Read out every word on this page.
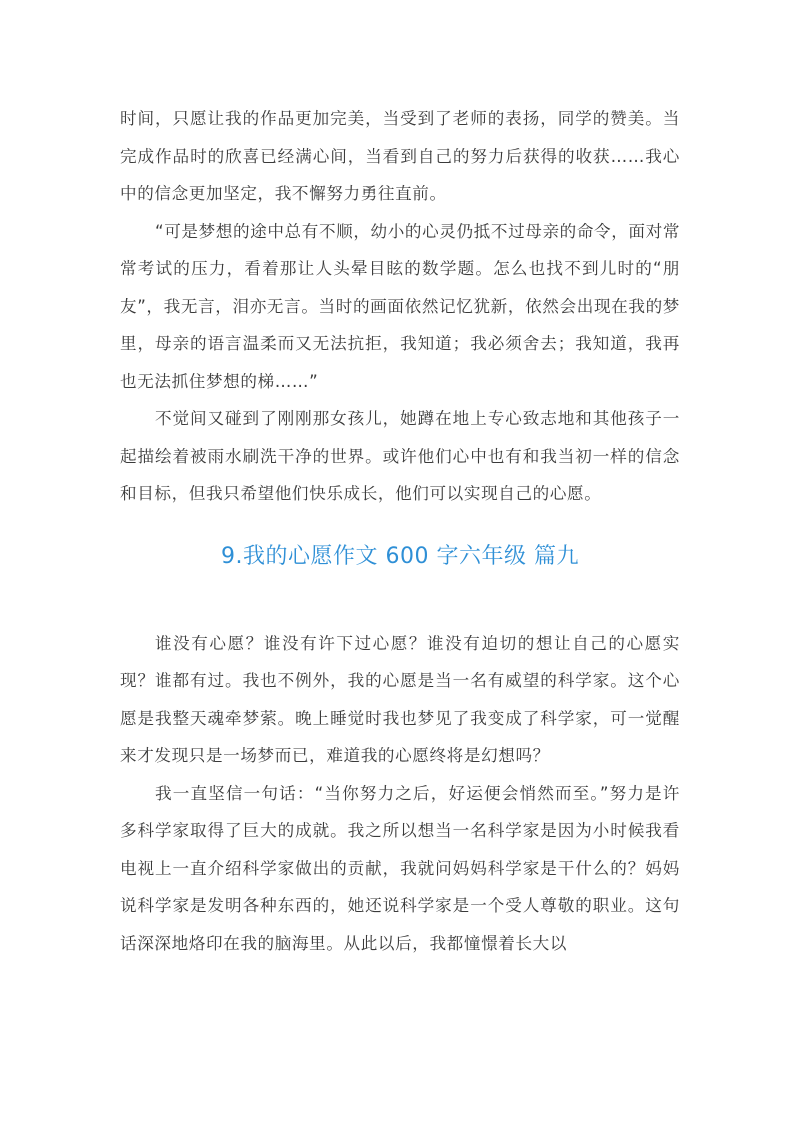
时间，只愿让我的作品更加完美，当受到了老师的表扬，同学的赞美。当完成作品时的欣喜已经满心间，当看到自己的努力后获得的收获……我心中的信念更加坚定，我不懈努力勇往直前。

“可是梦想的途中总有不顺，幼小的心灵仍抵不过母亲的命令，面对常常考试的压力，看着那让人头晕目眩的数学题。怎么也找不到儿时的“朋友”，我无言，泪亦无言。当时的画面依然记忆犹新，依然会出现在我的梦里，母亲的语言温柔而又无法抗拒，我知道；我必须舍去；我知道，我再也无法抓住梦想的梯……”

不觉间又碰到了刚刚那女孩儿，她蹲在地上专心致志地和其他孩子一起描绘着被雨水刷洗干净的世界。或许他们心中也有和我当初一样的信念和目标，但我只希望他们快乐成长，他们可以实现自己的心愿。

9.我的心愿作文 600 字六年级 篇九

谁没有心愿？谁没有许下过心愿？谁没有迫切的想让自己的心愿实现？谁都有过。我也不例外，我的心愿是当一名有威望的科学家。这个心愿是我整天魂牵梦萦。晚上睡觉时我也梦见了我变成了科学家，可一觉醒来才发现只是一场梦而已，难道我的心愿终将是幻想吗？

我一直坚信一句话：“当你努力之后，好运便会悄然而至。”努力是许多科学家取得了巨大的成就。我之所以想当一名科学家是因为小时候我看电视上一直介绍科学家做出的贡献，我就问妈妈科学家是干什么的？妈妈说科学家是发明各种东西的，她还说科学家是一个受人尊敬的职业。这句话深深地烙印在我的脑海里。从此以后，我都憧憬着长大以
